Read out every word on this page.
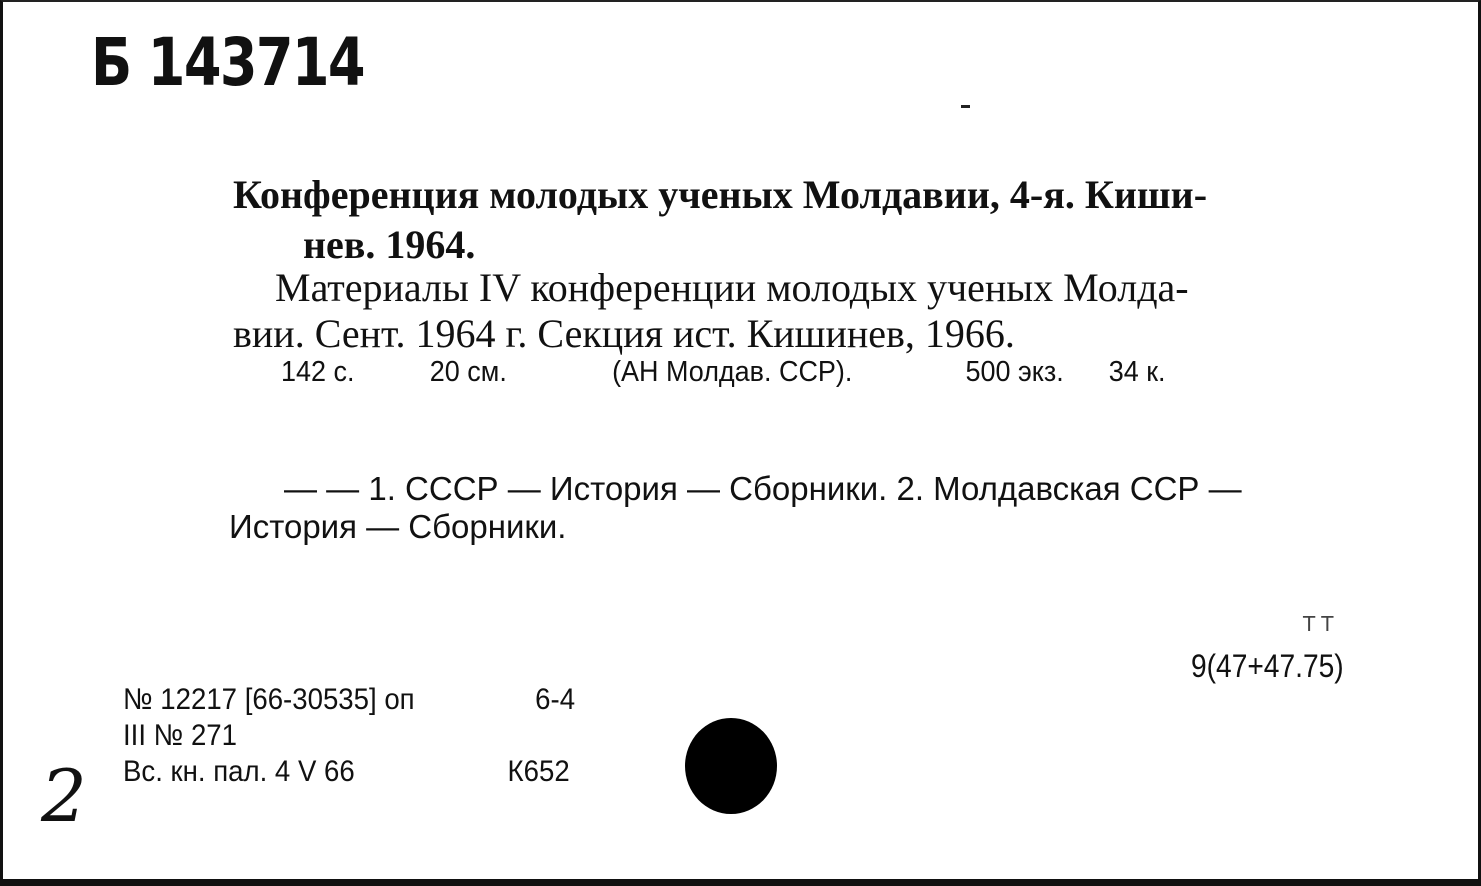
Б 143714
Конференция молодых ученых Молдавии, 4-я. Киши-
нев. 1964.
Материалы IV конференции молодых ученых Молда-
вии. Сент. 1964 г. Секция ист. Кишинев, 1966.
142 с.	20 см.	(АН Молдав. ССР).	500 экз. 34 к.
— — 1. СССР — История — Сборники. 2. Молдавская ССР —
История — Сборники.
ТТ
9(47+47.75)
№ 12217 [66-30535] оп	6-4
III № 271
Вс. кн. пал. 4 V 66	К652
2
